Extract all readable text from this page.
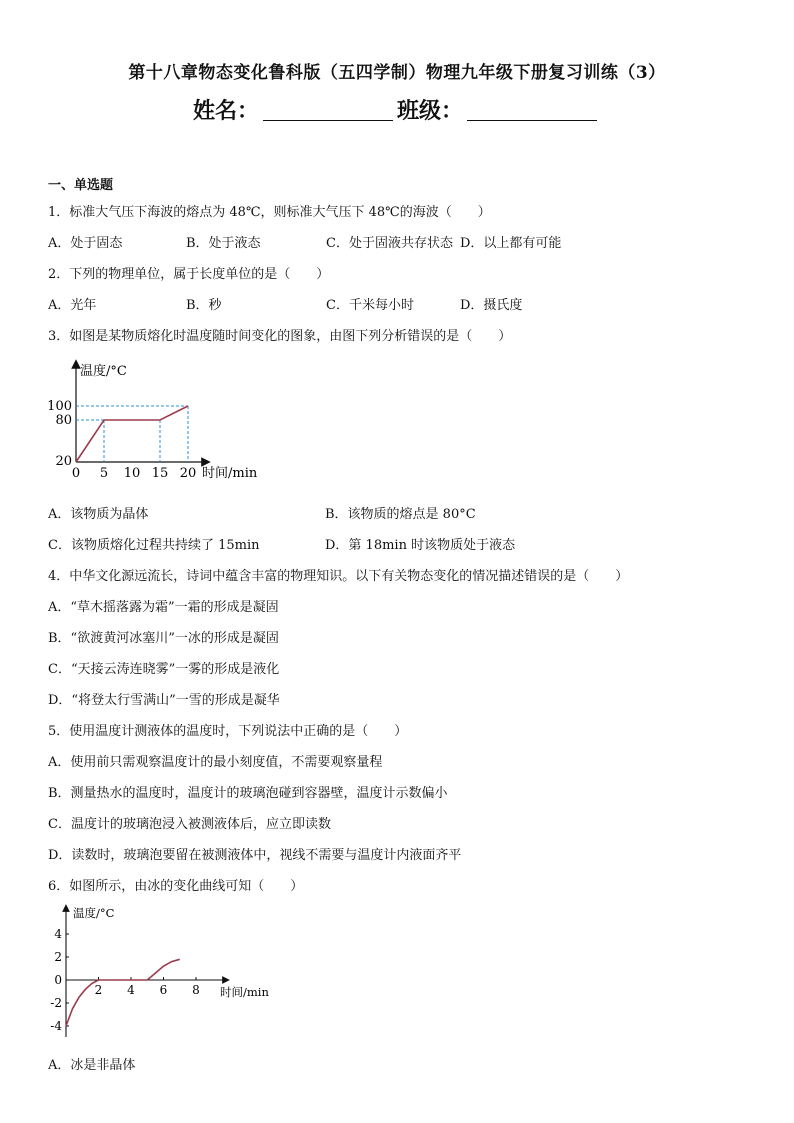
第十八章物态变化鲁科版（五四学制）物理九年级下册复习训练（3）
姓名：	班级：
一、单选题
1．标准大气压下海波的熔点为 48℃，则标准大气压下 48℃的海波（　　）
A．处于固态	B．处于液态	C．处于固液共存状态 D．以上都有可能
2．下列的物理单位，属于长度单位的是（　　）
A．光年	B．秒	C．千米每小时	D．摄氏度
3．如图是某物质熔化时温度随时间变化的图象，由图下列分析错误的是（　　）
温度/°C
时间/min
0 5 10 15 20
20
80
100
A．该物质为晶体	B．该物质的熔点是 80°C
C．该物质熔化过程共持续了 15min	D．第 18min 时该物质处于液态
4．中华文化源远流长，诗词中蕴含丰富的物理知识。以下有关物态变化的情况描述错误的是（　　）
A．“草木摇落露为霜”一霜的形成是凝固
B．“欲渡黄河冰塞川”一冰的形成是凝固
C．“天接云涛连晓雾”一雾的形成是液化
D．“将登太行雪满山”一雪的形成是凝华
5．使用温度计测液体的温度时，下列说法中正确的是（　　）
A．使用前只需观察温度计的最小刻度值，不需要观察量程
B．测量热水的温度时，温度计的玻璃泡碰到容器壁，温度计示数偏小
C．温度计的玻璃泡浸入被测液体后，应立即读数
D．读数时，玻璃泡要留在被测液体中，视线不需要与温度计内液面齐平
6．如图所示，由冰的变化曲线可知（　　）
温度/°C
时间/min
2 4 6 8
4
2
0
-2
-4
A．冰是非晶体
